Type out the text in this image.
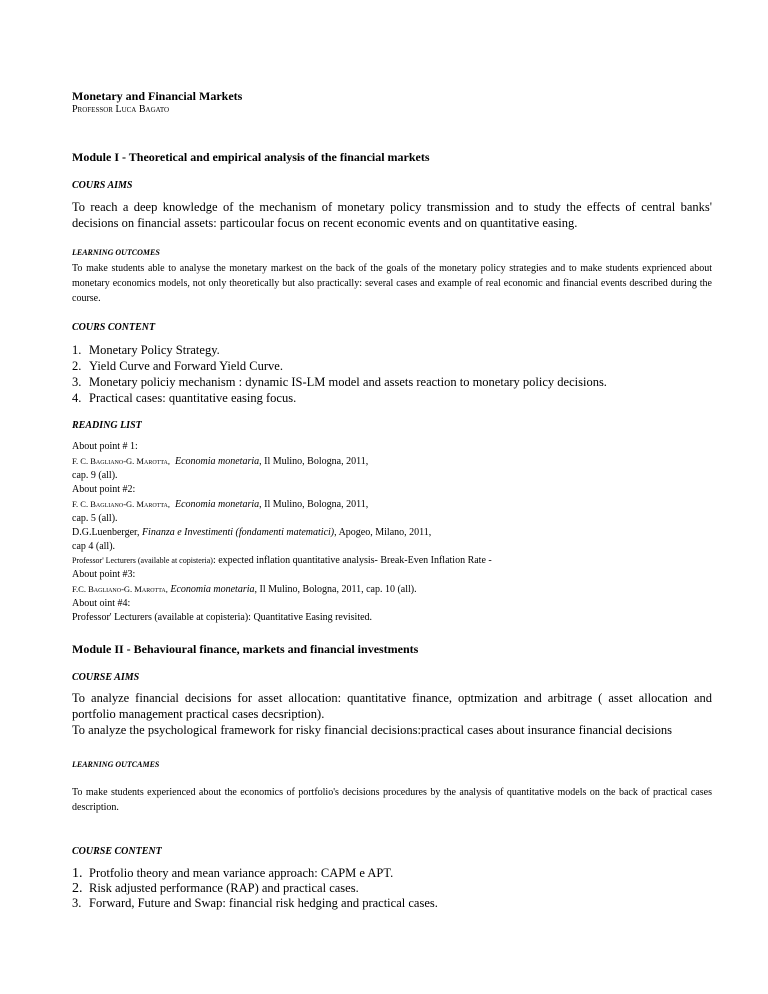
Monetary and Financial Markets
Professor Luca Bagato
Module I - Theoretical and empirical analysis of the financial markets
COURS AIMS
To reach a deep knowledge of the mechanism of monetary policy transmission and to study the effects of central banks' decisions on financial assets: particoular focus on recent economic events and on quantitative easing.
LEARNING OUTCOMES
To make students able to analyse the monetary markest on the back of the goals of the monetary policy strategies and to make students exprienced about monetary economics models, not only theoretically but also practically: several cases and example of real economic and financial events described during the course.
COURS CONTENT
1. Monetary Policy Strategy.
2. Yield Curve and Forward Yield Curve.
3. Monetary policiy mechanism : dynamic IS-LM model and assets reaction to monetary policy decisions.
4. Practical cases: quantitative easing focus.
READING LIST
About point # 1:
F. C. Bagliano-G. Marotta, Economia monetaria, Il Mulino, Bologna, 2011,
cap. 9 (all).
About point #2:
F. C. Bagliano-G. Marotta, Economia monetaria, Il Mulino, Bologna, 2011,
cap. 5 (all).
D.G.Luenberger, Finanza e Investimenti (fondamenti matematici), Apogeo, Milano, 2011,
cap 4 (all).
Professor' Lecturers (available at copisteria): expected inflation quantitative analysis- Break-Even Inflation Rate -
About point #3:
F.C. Bagliano-G. Marotta, Economia monetaria, Il Mulino, Bologna, 2011, cap. 10 (all).
About oint #4:
Professor' Lecturers (available at copisteria): Quantitative Easing revisited.
Module II - Behavioural finance, markets and financial investments
COURSE AIMS
To analyze financial decisions for asset allocation: quantitative finance, optmization and arbitrage ( asset allocation and portfolio management practical cases decsription).
To analyze the psychological framework for risky financial decisions:practical cases about insurance financial decisions
LEARNING OUTCAMES
To make students experienced about the economics of portfolio's decisions procedures by the analysis of quantitative models on the back of practical cases description.
COURSE CONTENT
1. Protfolio theory and mean variance approach: CAPM e APT.
2. Risk adjusted performance (RAP) and practical cases.
3. Forward, Future and Swap: financial risk hedging and practical cases.
